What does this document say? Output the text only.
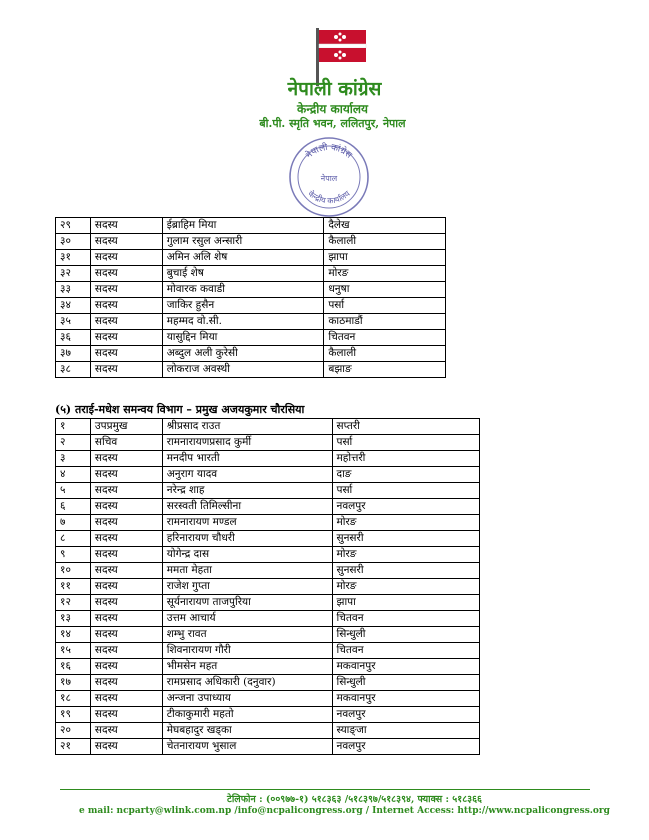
नेपाली कांग्रेस
केन्द्रीय कार्यालय
बी.पी. स्मृति भवन, ललितपुर, नेपाल
नेपाली कांग्रेस
नेपाल
केन्द्रीय कार्यालय
२९	सदस्य	ईब्राहिम मिया	दैलेख
३०	सदस्य	गुलाम रसुल अन्सारी	कैलाली
३१	सदस्य	अमिन अलि शेष	झापा
३२	सदस्य	बुचाई शेष	मोरङ
३३	सदस्य	मोवारक कवाडी	धनुषा
३४	सदस्य	जाकिर हुसैन	पर्सा
३५	सदस्य	महम्मद वो.सी.	काठमाडौं
३६	सदस्य	यासुद्दिन मिया	चितवन
३७	सदस्य	अब्दुल अली कुरेसी	कैलाली
३८	सदस्य	लोकराज अवस्थी	बझाङ
(५) तराई-मधेश समन्वय विभाग – प्रमुख अजयकुमार चौरसिया
१	उपप्रमुख	श्रीप्रसाद राउत	सप्तरी
२	सचिव	रामनारायणप्रसाद कुर्मी	पर्सा
३	सदस्य	मनदीप भारती	महोत्तरी
४	सदस्य	अनुराग यादव	दाङ
५	सदस्य	नरेन्द्र शाह	पर्सा
६	सदस्य	सरस्वती तिमिल्सीना	नवलपुर
७	सदस्य	रामनारायण मण्डल	मोरङ
८	सदस्य	हरिनारायण चौधरी	सुनसरी
९	सदस्य	योगेन्द्र दास	मोरङ
१०	सदस्य	ममता मेहता	सुनसरी
११	सदस्य	राजेश गुप्ता	मोरङ
१२	सदस्य	सूर्यनारायण ताजपुरिया	झापा
१३	सदस्य	उत्तम आचार्य	चितवन
१४	सदस्य	शम्भु रावत	सिन्धुली
१५	सदस्य	शिवनारायण गौरी	चितवन
१६	सदस्य	भीमसेन महत	मकवानपुर
१७	सदस्य	रामप्रसाद अधिकारी (दनुवार)	सिन्धुली
१८	सदस्य	अन्जना उपाध्याय	मकवानपुर
१९	सदस्य	टीकाकुमारी महतो	नवलपुर
२०	सदस्य	मेघबहादुर खड्का	स्याङ्जा
२१	सदस्य	चेतनारायण भुसाल	नवलपुर
टेलिफोन : (००९७७-१) ५१८३६३ /५१८३९७/५१८३९४, फ्याक्स : ५१८३६६
e mail: ncparty@wlink.com.np /info@ncpalicongress.org / Internet Access: http://www.ncpalicongress.org
